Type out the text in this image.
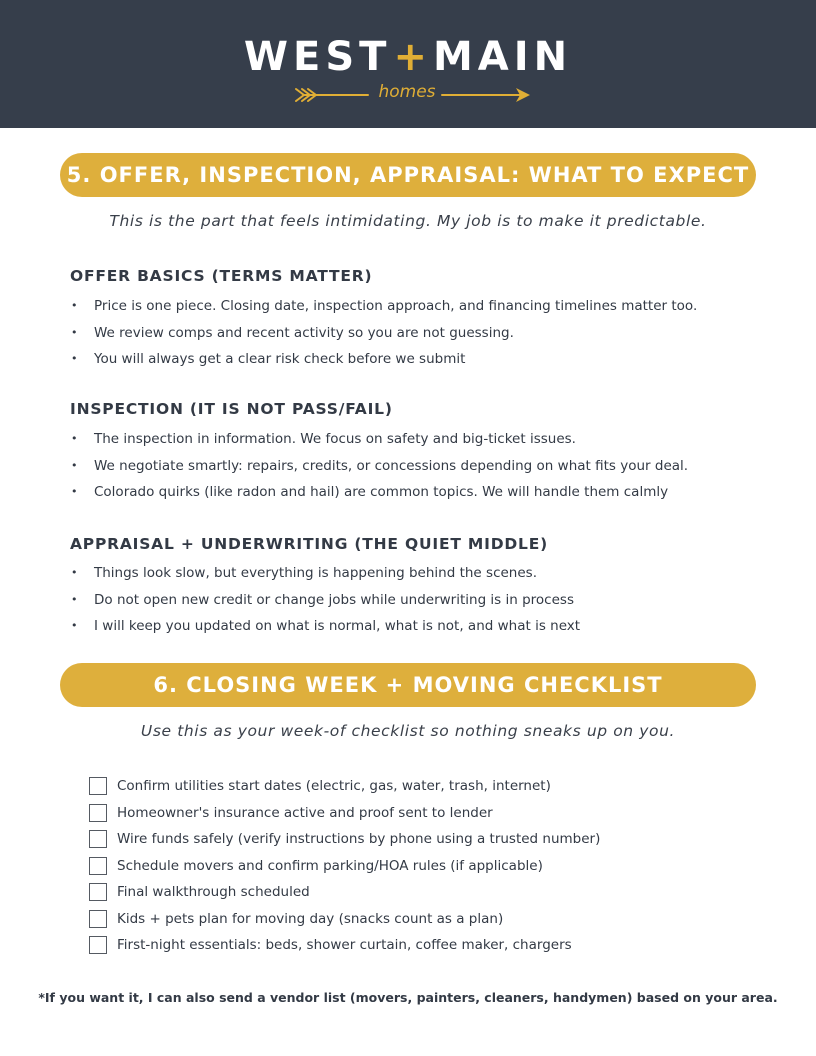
WEST+ MAIN
homes
5. OFFER, INSPECTION, APPRAISAL: WHAT TO EXPECT
This is the part that feels intimidating. My job is to make it predictable.
OFFER BASICS (TERMS MATTER)
• Price is one piece. Closing date, inspection approach, and financing timelines matter too.
• We review comps and recent activity so you are not guessing.
• You will always get a clear risk check before we submit
INSPECTION (IT IS NOT PASS/FAIL)
• The inspection in information. We focus on safety and big-ticket issues.
• We negotiate smartly: repairs, credits, or concessions depending on what fits your deal.
• Colorado quirks (like radon and hail) are common topics. We will handle them calmly
APPRAISAL + UNDERWRITING (THE QUIET MIDDLE)
• Things look slow, but everything is happening behind the scenes.
• Do not open new credit or change jobs while underwriting is in process
• I will keep you updated on what is normal, what is not, and what is next
6. CLOSING WEEK + MOVING CHECKLIST
Use this as your week-of checklist so nothing sneaks up on you.
Confirm utilities start dates (electric, gas, water, trash, internet)
Homeowner's insurance active and proof sent to lender
Wire funds safely (verify instructions by phone using a trusted number)
Schedule movers and confirm parking/HOA rules (if applicable)
Final walkthrough scheduled
Kids + pets plan for moving day (snacks count as a plan)
First-night essentials: beds, shower curtain, coffee maker, chargers
*If you want it, I can also send a vendor list (movers, painters, cleaners, handymen) based on your area.
